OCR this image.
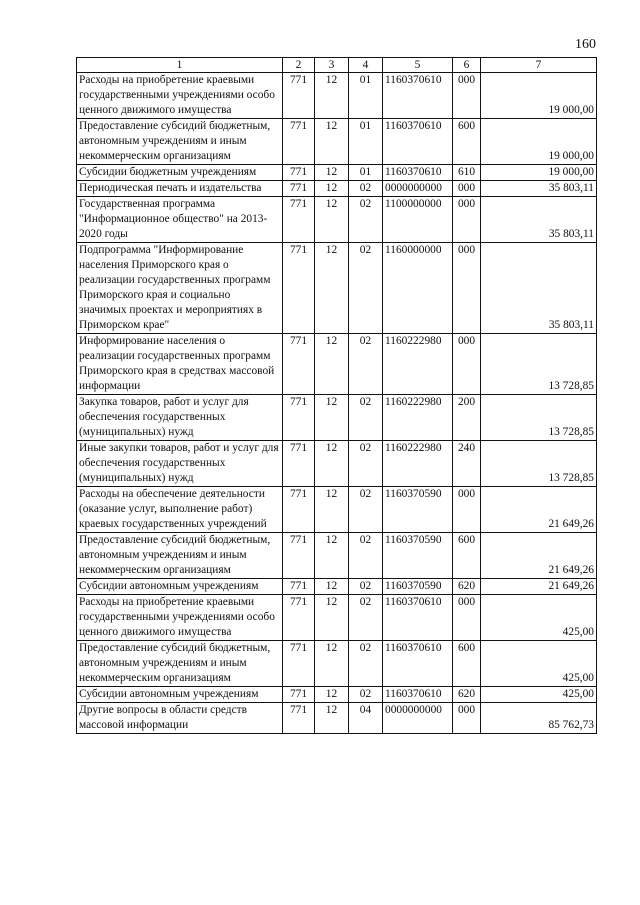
160
1	2	3	4	5	6	7
Расходы на приобретение краевыми государственными учреждениями особо ценного движимого имущества	771	12	01	1160370610	000	19 000,00
Предоставление субсидий бюджетным, автономным учреждениям и иным некоммерческим организациям	771	12	01	1160370610	600	19 000,00
Субсидии бюджетным учреждениям	771	12	01	1160370610	610	19 000,00
Периодическая печать и издательства	771	12	02	0000000000	000	35 803,11
Государственная программа "Информационное общество" на 2013-2020 годы	771	12	02	1100000000	000	35 803,11
Подпрограмма "Информирование населения Приморского края о реализации государственных программ Приморского края и социально значимых проектах и мероприятиях в Приморском крае"	771	12	02	1160000000	000	35 803,11
Информирование населения о реализации государственных программ Приморского края в средствах массовой информации	771	12	02	1160222980	000	13 728,85
Закупка товаров, работ и услуг для обеспечения государственных (муниципальных) нужд	771	12	02	1160222980	200	13 728,85
Иные закупки товаров, работ и услуг для обеспечения государственных (муниципальных) нужд	771	12	02	1160222980	240	13 728,85
Расходы на обеспечение деятельности (оказание услуг, выполнение работ) краевых государственных учреждений	771	12	02	1160370590	000	21 649,26
Предоставление субсидий бюджетным, автономным учреждениям и иным некоммерческим организациям	771	12	02	1160370590	600	21 649,26
Субсидии автономным учреждениям	771	12	02	1160370590	620	21 649,26
Расходы на приобретение краевыми государственными учреждениями особо ценного движимого имущества	771	12	02	1160370610	000	425,00
Предоставление субсидий бюджетным, автономным учреждениям и иным некоммерческим организациям	771	12	02	1160370610	600	425,00
Субсидии автономным учреждениям	771	12	02	1160370610	620	425,00
Другие вопросы в области средств массовой информации	771	12	04	0000000000	000	85 762,73
